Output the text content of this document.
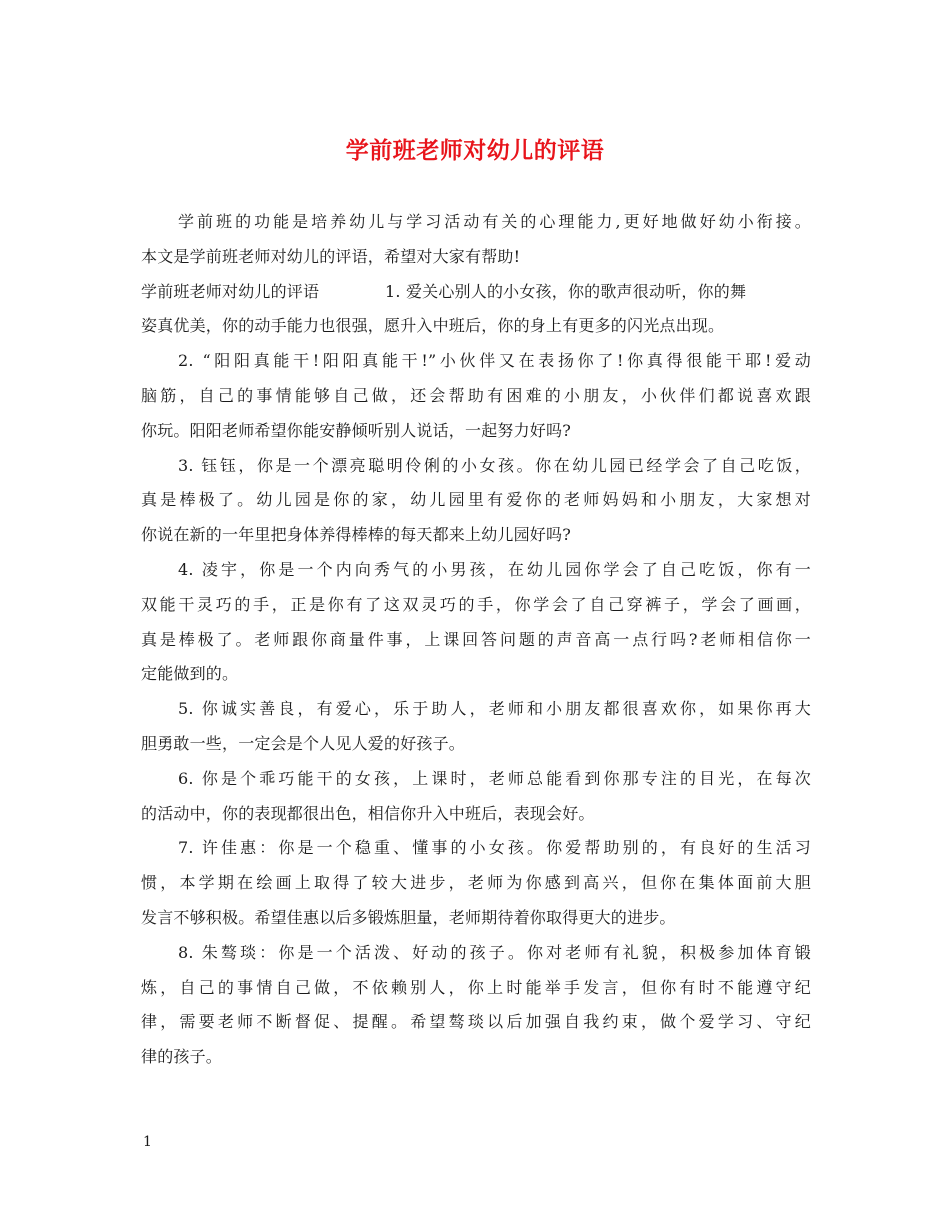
学前班老师对幼儿的评语
学前班的功能是培养幼儿与学习活动有关的心理能力,更好地做好幼小衔接。
本文是学前班老师对幼儿的评语，希望对大家有帮助!
学前班老师对幼儿的评语	1. 爱关心别人的小女孩，你的歌声很动听，你的舞
姿真优美，你的动手能力也很强，愿升入中班后，你的身上有更多的闪光点出现。
2. “阳阳真能干!阳阳真能干!”小伙伴又在表扬你了!你真得很能干耶!爱动
脑筋，自己的事情能够自己做，还会帮助有困难的小朋友，小伙伴们都说喜欢跟
你玩。阳阳老师希望你能安静倾听别人说话，一起努力好吗?
3. 钰钰，你是一个漂亮聪明伶俐的小女孩。你在幼儿园已经学会了自己吃饭，
真是棒极了。幼儿园是你的家，幼儿园里有爱你的老师妈妈和小朋友，大家想对
你说在新的一年里把身体养得棒棒的每天都来上幼儿园好吗?
4. 凌宇，你是一个内向秀气的小男孩，在幼儿园你学会了自己吃饭，你有一
双能干灵巧的手，正是你有了这双灵巧的手，你学会了自己穿裤子，学会了画画，
真是棒极了。老师跟你商量件事，上课回答问题的声音高一点行吗?老师相信你一
定能做到的。
5. 你诚实善良，有爱心，乐于助人，老师和小朋友都很喜欢你，如果你再大
胆勇敢一些，一定会是个人见人爱的好孩子。
6. 你是个乖巧能干的女孩，上课时，老师总能看到你那专注的目光，在每次
的活动中，你的表现都很出色，相信你升入中班后，表现会好。
7. 许佳惠：你是一个稳重、懂事的小女孩。你爱帮助别的，有良好的生活习
惯，本学期在绘画上取得了较大进步，老师为你感到高兴，但你在集体面前大胆
发言不够积极。希望佳惠以后多锻炼胆量，老师期待着你取得更大的进步。
8. 朱骜琰：你是一个活泼、好动的孩子。你对老师有礼貌，积极参加体育锻
炼，自己的事情自己做，不依赖别人，你上时能举手发言，但你有时不能遵守纪
律，需要老师不断督促、提醒。希望骜琰以后加强自我约束，做个爱学习、守纪
律的孩子。
1
